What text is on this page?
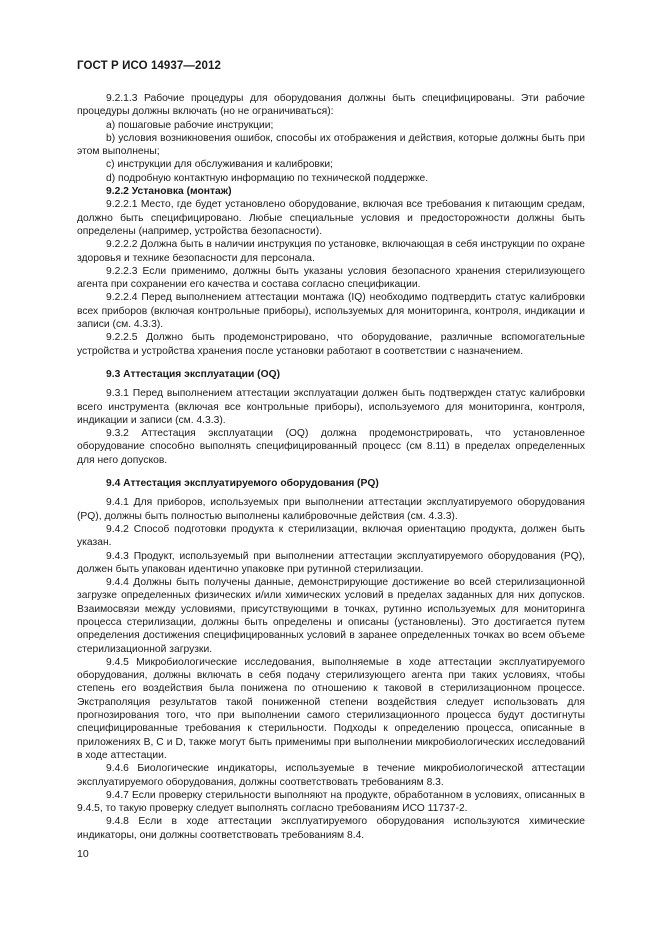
ГОСТ Р ИСО 14937—2012

9.2.1.3 Рабочие процедуры для оборудования должны быть специфицированы. Эти рабочие процедуры должны включать (но не ограничиваться):

a) пошаговые рабочие инструкции;

b) условия возникновения ошибок, способы их отображения и действия, которые должны быть при этом выполнены;

c) инструкции для обслуживания и калибровки;

d) подробную контактную информацию по технической поддержке.

9.2.2 Установка (монтаж)

9.2.2.1 Место, где будет установлено оборудование, включая все требования к питающим средам, должно быть специфицировано. Любые специальные условия и предосторожности должны быть определены (например, устройства безопасности).

9.2.2.2 Должна быть в наличии инструкция по установке, включающая в себя инструкции по охране здоровья и технике безопасности для персонала.

9.2.2.3 Если применимо, должны быть указаны условия безопасного хранения стерилизующего агента при сохранении его качества и состава согласно спецификации.

9.2.2.4 Перед выполнением аттестации монтажа (IQ) необходимо подтвердить статус калибровки всех приборов (включая контрольные приборы), используемых для мониторинга, контроля, индикации и записи (см. 4.3.3).

9.2.2.5 Должно быть продемонстрировано, что оборудование, различные вспомогательные устройства и устройства хранения после установки работают в соответствии с назначением.

9.3 Аттестация эксплуатации (OQ)

9.3.1 Перед выполнением аттестации эксплуатации должен быть подтвержден статус калибровки всего инструмента (включая все контрольные приборы), используемого для мониторинга, контроля, индикации и записи (см. 4.3.3).

9.3.2 Аттестация эксплуатации (OQ) должна продемонстрировать, что установленное оборудование способно выполнять специфицированный процесс (см 8.11) в пределах определенных для него допусков.

9.4 Аттестация эксплуатируемого оборудования (PQ)

9.4.1 Для приборов, используемых при выполнении аттестации эксплуатируемого оборудования (PQ), должны быть полностью выполнены калибровочные действия (см. 4.3.3).

9.4.2 Способ подготовки продукта к стерилизации, включая ориентацию продукта, должен быть указан.

9.4.3 Продукт, используемый при выполнении аттестации эксплуатируемого оборудования (PQ), должен быть упакован идентично упаковке при рутинной стерилизации.

9.4.4 Должны быть получены данные, демонстрирующие достижение во всей стерилизационной загрузке определенных физических и/или химических условий в пределах заданных для них допусков. Взаимосвязи между условиями, присутствующими в точках, рутинно используемых для мониторинга процесса стерилизации, должны быть определены и описаны (установлены). Это достигается путем определения достижения специфицированных условий в заранее определенных точках во всем объеме стерилизационной загрузки.

9.4.5 Микробиологические исследования, выполняемые в ходе аттестации эксплуатируемого оборудования, должны включать в себя подачу стерилизующего агента при таких условиях, чтобы степень его воздействия была понижена по отношению к таковой в стерилизационном процессе. Экстраполяция результатов такой пониженной степени воздействия следует использовать для прогнозирования того, что при выполнении самого стерилизационного процесса будут достигнуты специфицированные требования к стерильности. Подходы к определению процесса, описанные в приложениях B, C и D, также могут быть применимы при выполнении микробиологических исследований в ходе аттестации.

9.4.6 Биологические индикаторы, используемые в течение микробиологической аттестации эксплуатируемого оборудования, должны соответствовать требованиям 8.3.

9.4.7 Если проверку стерильности выполняют на продукте, обработанном в условиях, описанных в 9.4.5, то такую проверку следует выполнять согласно требованиям ИСО 11737-2.

9.4.8 Если в ходе аттестации эксплуатируемого оборудования используются химические индикаторы, они должны соответствовать требованиям 8.4.

10
